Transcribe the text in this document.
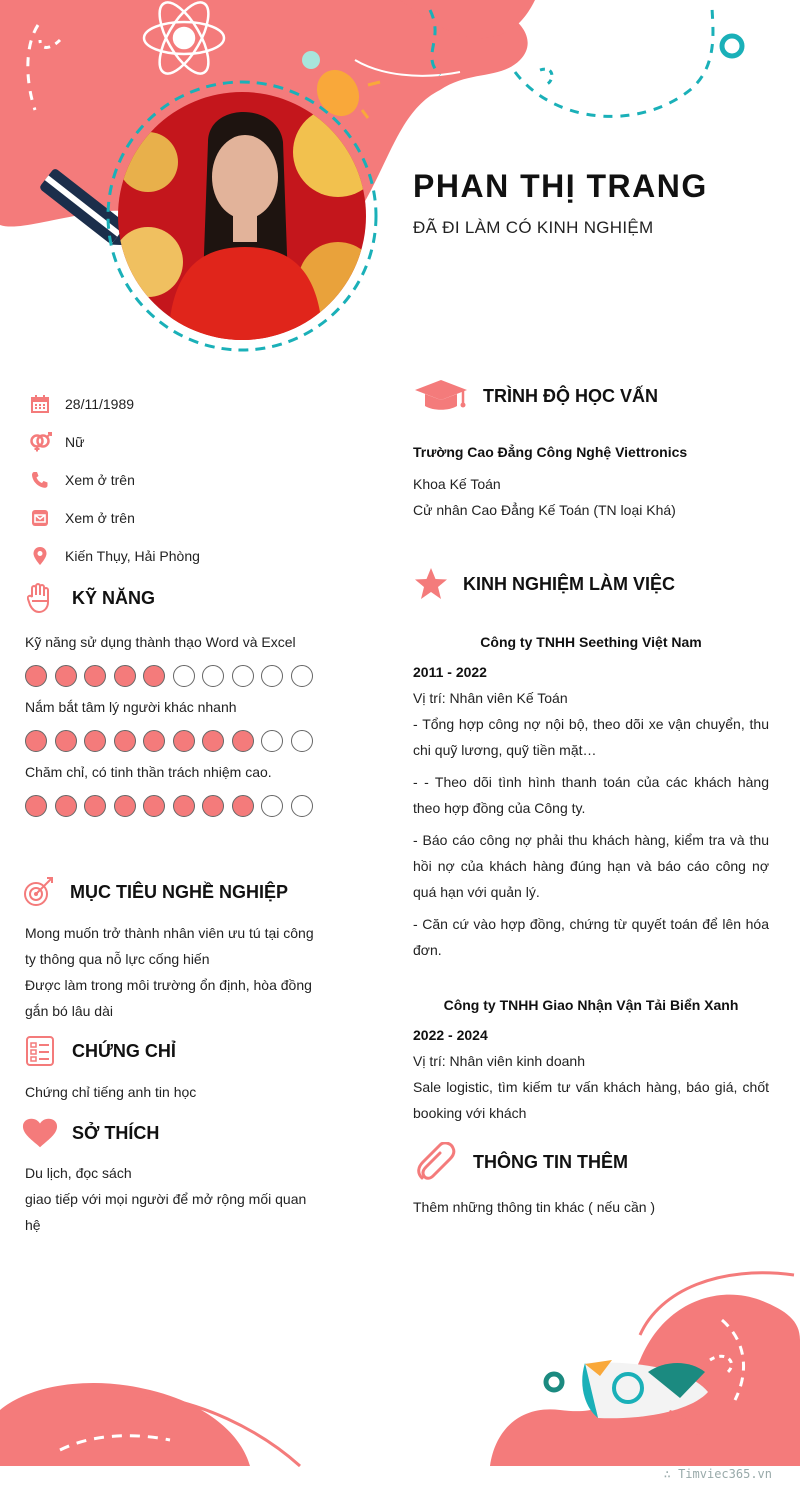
PHAN THỊ TRANG
ĐÃ ĐI LÀM CÓ KINH NGHIỆM
28/11/1989
Nữ
Xem ở trên
Xem ở trên
Kiến Thụy, Hải Phòng
KỸ NĂNG
Kỹ năng sử dụng thành thạo Word và Excel
Nắm bắt tâm lý người khác nhanh
Chăm chỉ, có tinh thần trách nhiệm cao.
MỤC TIÊU NGHỀ NGHIỆP
Mong muốn trở thành nhân viên ưu tú tại công
ty thông qua nỗ lực cống hiến
Được làm trong môi trường ổn định, hòa đồng
gắn bó lâu dài
CHỨNG CHỈ
Chứng chỉ tiếng anh tin học
SỞ THÍCH
Du lịch, đọc sách
giao tiếp với mọi người để mở rộng mối quan
hệ
TRÌNH ĐỘ HỌC VẤN
Trường Cao Đẳng Công Nghệ Viettronics
Khoa Kế Toán
Cử nhân Cao Đẳng Kế Toán (TN loại Khá)
KINH NGHIỆM LÀM VIỆC
Công ty TNHH Seething Việt Nam
2011 - 2022
Vị trí: Nhân viên Kế Toán
- Tổng hợp công nợ nội bộ, theo dõi xe vận chuyển, thu chi quỹ lương, quỹ tiền mặt…
- - Theo dõi tình hình thanh toán của các khách hàng theo hợp đồng của Công ty.
- Báo cáo công nợ phải thu khách hàng, kiểm tra và thu hồi nợ của khách hàng đúng hạn và báo cáo công nợ quá hạn với quản lý.
- Căn cứ vào hợp đồng, chứng từ quyết toán để lên hóa đơn.
Công ty TNHH Giao Nhận Vận Tải Biển Xanh
2022 - 2024
Vị trí: Nhân viên kinh doanh
Sale logistic, tìm kiếm tư vấn khách hàng, báo giá, chốt booking với khách
THÔNG TIN THÊM
Thêm những thông tin khác ( nếu cần )
∴ Timviec365.vn
